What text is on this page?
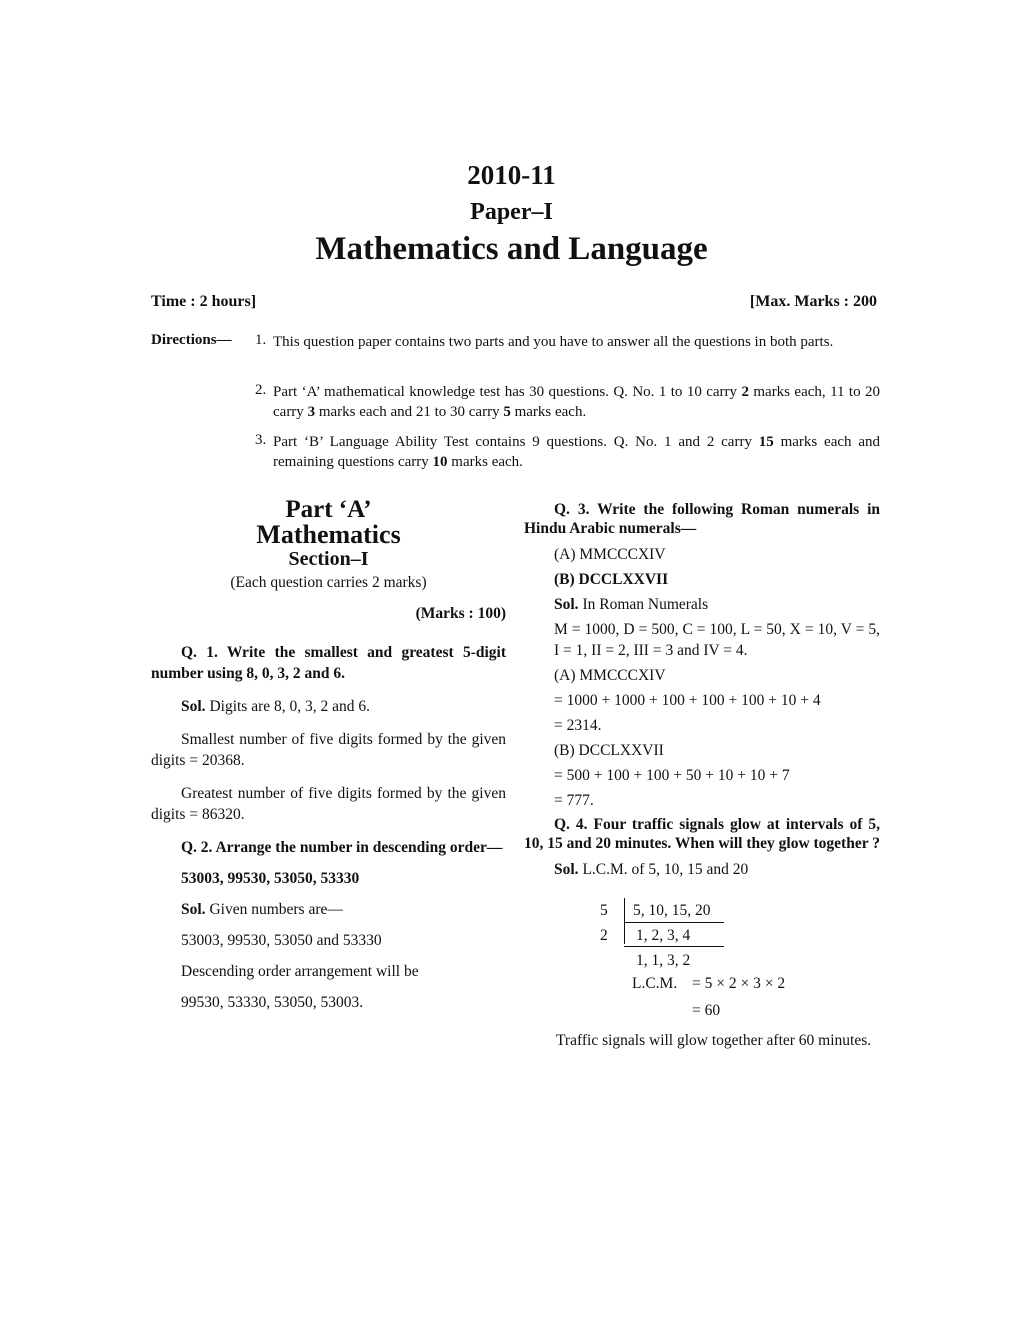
2010-11
Paper–I
Mathematics and Language
Time : 2 hours]	[Max. Marks : 200
Directions— 1. This question paper contains two parts and you have to answer all the questions in both parts.
2. Part ‘A’ mathematical knowledge test has 30 questions. Q. No. 1 to 10 carry 2 marks each, 11 to 20 carry 3 marks each and 21 to 30 carry 5 marks each.
3. Part ‘B’ Language Ability Test contains 9 questions. Q. No. 1 and 2 carry 15 marks each and remaining questions carry 10 marks each.
Part ‘A’
Mathematics
Section–I
(Each question carries 2 marks)
(Marks : 100)
Q. 1. Write the smallest and greatest 5-digit number using 8, 0, 3, 2 and 6.
Sol. Digits are 8, 0, 3, 2 and 6.
Smallest number of five digits formed by the given digits = 20368.
Greatest number of five digits formed by the given digits = 86320.
Q. 2. Arrange the number in descending order—
53003, 99530, 53050, 53330
Sol. Given numbers are—
53003, 99530, 53050 and 53330
Descending order arrangement will be
99530, 53330, 53050, 53003.
Q. 3. Write the following Roman numerals in Hindu Arabic numerals—
(A) MMCCCXIV
(B) DCCLXXVII
Sol. In Roman Numerals
M = 1000, D = 500, C = 100, L = 50, X = 10, V = 5, I = 1, II = 2, III = 3 and IV = 4.
(A) MMCCCXIV
= 1000 + 1000 + 100 + 100 + 100 + 10 + 4
= 2314.
(B) DCCLXXVII
= 500 + 100 + 100 + 50 + 10 + 10 + 7
= 777.
Q. 4. Four traffic signals glow at intervals of 5, 10, 15 and 20 minutes. When will they glow together ?
Sol. L.C.M. of 5, 10, 15 and 20
5 5, 10, 15, 20
2 1, 2, 3, 4
1, 1, 3, 2
L.C.M. = 5 × 2 × 3 × 2
= 60
Traffic signals will glow together after 60 minutes.
